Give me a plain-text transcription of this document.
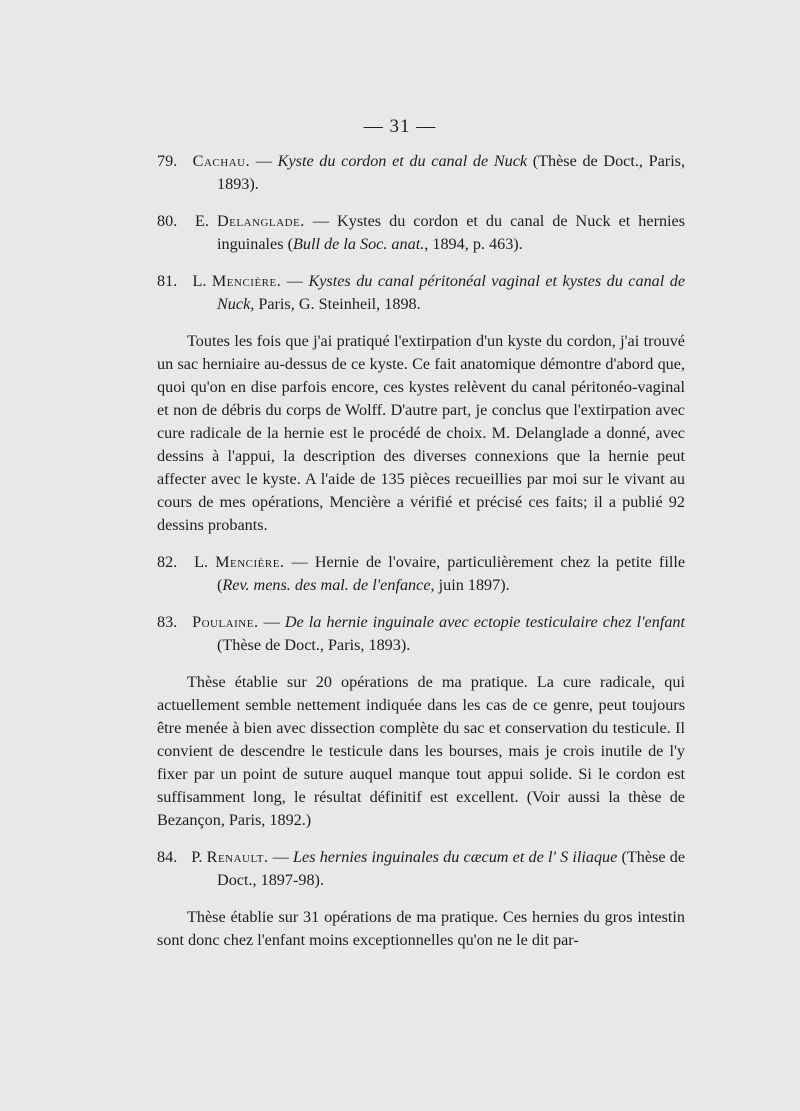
— 31 —

79. Cachau. — Kyste du cordon et du canal de Nuck (Thèse de Doct., Paris, 1893).

80. E. Delanglade. — Kystes du cordon et du canal de Nuck et hernies inguinales (Bull de la Soc. anat., 1894, p. 463).

81. L. Mencière. — Kystes du canal péritonéal vaginal et kystes du canal de Nuck, Paris, G. Steinheil, 1898.

Toutes les fois que j'ai pratiqué l'extirpation d'un kyste du cordon, j'ai trouvé un sac herniaire au-dessus de ce kyste. Ce fait anatomique démontre d'abord que, quoi qu'on en dise parfois encore, ces kystes relèvent du canal péritonéo-vaginal et non de débris du corps de Wolff. D'autre part, je conclus que l'extirpation avec cure radicale de la hernie est le procédé de choix. M. Delanglade a donné, avec dessins à l'appui, la description des diverses connexions que la hernie peut affecter avec le kyste. A l'aide de 135 pièces recueillies par moi sur le vivant au cours de mes opérations, Mencière a vérifié et précisé ces faits; il a publié 92 dessins probants.

82. L. Mencière. — Hernie de l'ovaire, particulièrement chez la petite fille (Rev. mens. des mal. de l'enfance, juin 1897).

83. Poulaine. — De la hernie inguinale avec ectopie testiculaire chez l'enfant (Thèse de Doct., Paris, 1893).

Thèse établie sur 20 opérations de ma pratique. La cure radicale, qui actuellement semble nettement indiquée dans les cas de ce genre, peut toujours être menée à bien avec dissection complète du sac et conservation du testicule. Il convient de descendre le testicule dans les bourses, mais je crois inutile de l'y fixer par un point de suture auquel manque tout appui solide. Si le cordon est suffisamment long, le résultat définitif est excellent. (Voir aussi la thèse de Bezançon, Paris, 1892.)

84. P. Renault. — Les hernies inguinales du cæcum et de l' S iliaque (Thèse de Doct., 1897-98).

Thèse établie sur 31 opérations de ma pratique. Ces hernies du gros intestin sont donc chez l'enfant moins exceptionnelles qu'on ne le dit par-
